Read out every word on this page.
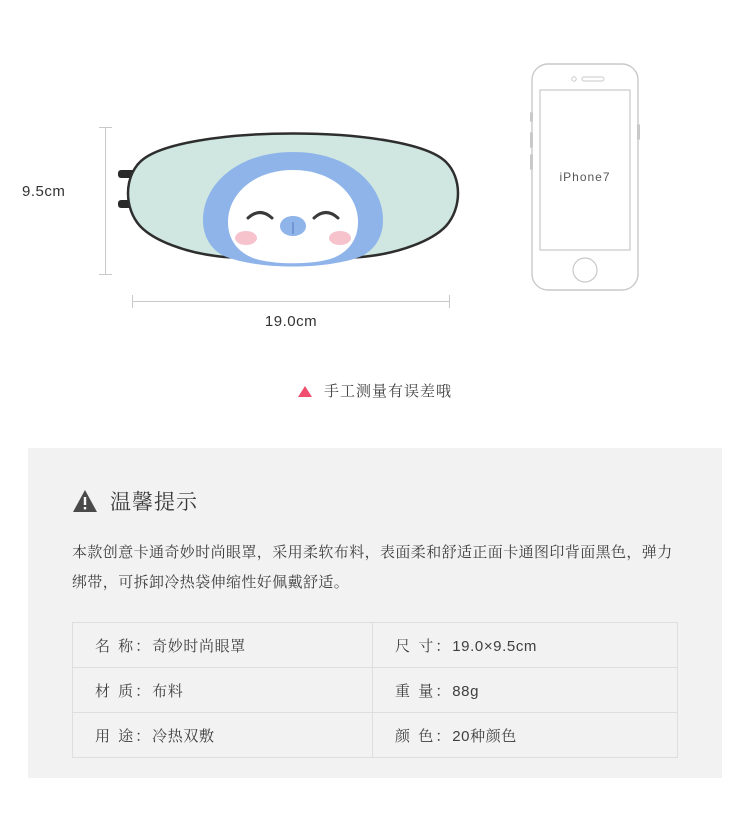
9.5cm
19.0cm
iPhone7
手工测量有误差哦
温馨提示
本款创意卡通奇妙时尚眼罩，采用柔软布料，表面柔和舒适正面卡通图印背面黑色，弹力绑带，可拆卸冷热袋伸缩性好佩戴舒适。
名 称：奇妙时尚眼罩	尺 寸：19.0×9.5cm
材 质：布料	重 量：88g
用 途：冷热双敷	颜 色：20种颜色
